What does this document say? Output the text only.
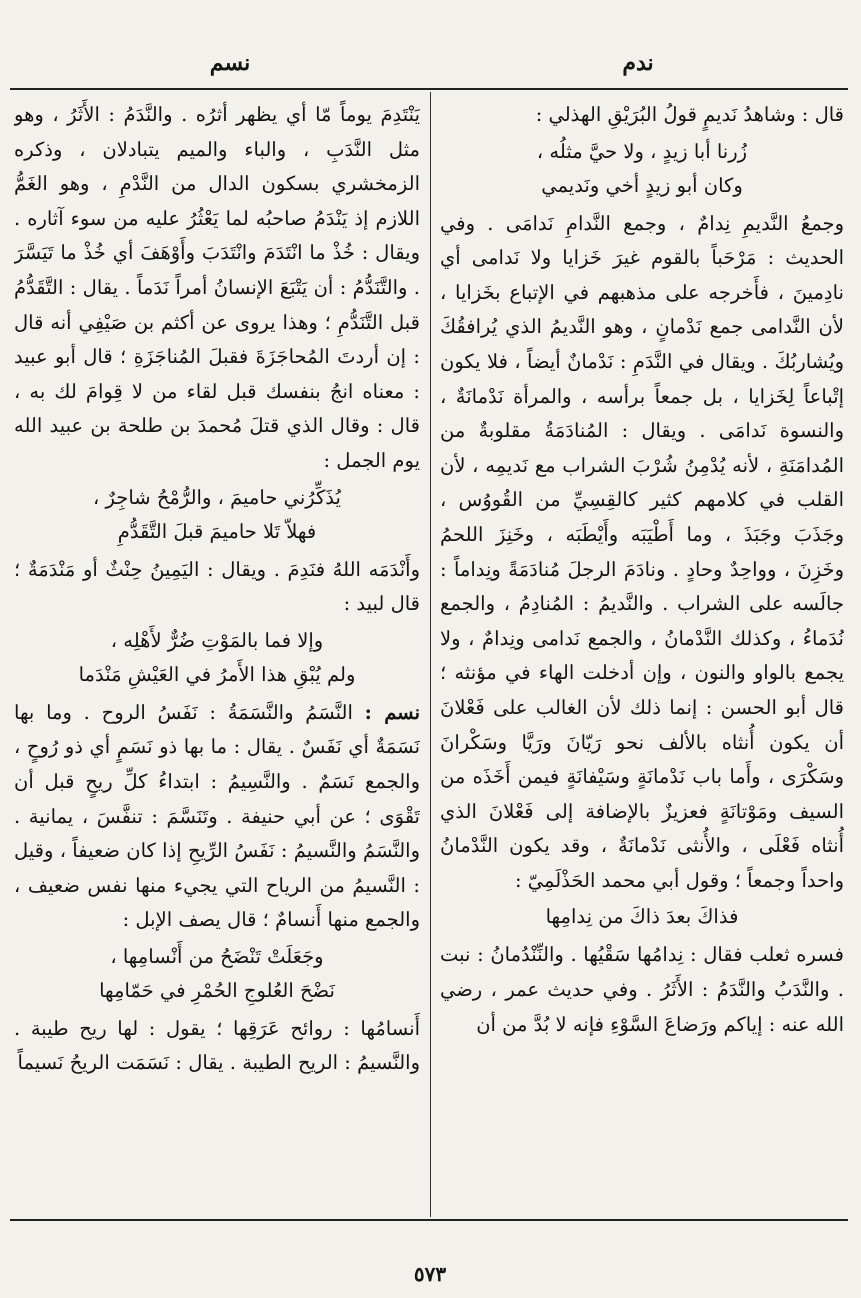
ندم
نسم

قال : وشاهدُ نَديمٍ قولُ البُرَيْقِ الهذلي :

زُرنا أبا زيدٍ ، ولا حيَّ مثلُه ،
وكان أبو زيدٍ أخي ونَديمي

وجمعُ النَّديمِ نِدامٌ ، وجمع النَّدامِ نَدامَى . وفي الحديث : مَرْحَباً بالقوم غيرَ خَزايا ولا نَدامى أي نادِمينَ ، فأَخرجه على مذهبهم في الإتباع بخَزايا ، لأن النَّدامى جمع نَدْمانٍ ، وهو النَّديمُ الذي يُرافقُكَ ويُشاربُكَ . ويقال في النَّدَمِ : نَدْمانٌ أيضاً ، فلا يكون إتْباعاً لِخَزايا ، بل جمعاً برأسه ، والمرأة نَدْمانَةٌ ، والنسوة نَدامَى . ويقال : المُنادَمَةُ مقلوبةٌ من المُدامَنَةِ ، لأنه يُدْمِنُ شُرْبَ الشراب مع نَديمِه ، لأن القلب في كلامهم كثير كالقِسِيِّ من القُووُس ، وجَذَبَ وجَبَذَ ، وما أَطْيَبَه وأَيْطَبَه ، وخَنِزَ اللحمُ وخَزِنَ ، وواحِدٌ وحادٍ . ونادَمَ الرجلَ مُنادَمَةً ونِداماً : جالَسه على الشراب . والنَّديمُ : المُنادِمُ ، والجمع نُدَماءُ ، وكذلك النَّدْمانُ ، والجمع نَدامى ونِدامٌ ، ولا يجمع بالواو والنون ، وإن أدخلت الهاء في مؤنثه ؛ قال أبو الحسن : إنما ذلك لأن الغالب على فَعْلانَ أن يكون أُنثاه بالألف نحو رَيّانَ ورَيَّا وسَكْرانَ وسَكْرَى ، وأَما باب نَدْمانَةٍ وسَيْفانَةٍ فيمن أَخَذَه من السيف ومَوْتانَةٍ فعزيزٌ بالإضافة إلى فَعْلانَ الذي أُنثاه فَعْلَى ، والأُنثى نَدْمانَةٌ ، وقد يكون النَّدْمانُ واحداً وجمعاً ؛ وقول أبي محمد الحَذْلَمِيّ :

فذاكَ بعدَ ذاكَ من نِدامِها

فسره ثعلب فقال : نِدامُها سَقْيُها . والنِّنْدُمانُ : نبت . والنَّدَبُ والنَّدَمُ : الأَثَرُ . وفي حديث عمر ، رضي الله عنه : إياكم ورَضاعَ السَّوْءِ فإنه لا بُدَّ من أن

يَنْتَدِمَ يوماً مّا أي يظهر أثرُه . والنَّدَمُ : الأَثَرُ ، وهو مثل النَّدَبِ ، والباء والميم يتبادلان ، وذكره الزمخشري بسكون الدال من النَّدْمِ ، وهو الغَمُّ اللازم إذ يَنْدَمُ صاحبُه لما يَعْثُرُ عليه من سوء آثاره . ويقال : خُذْ ما انْتَدَمَ وانْتَدَبَ وأَوْهَفَ أي خُذْ ما تَيَسَّرَ . والتَّنَدُّمُ : أن يَتْبَعَ الإنسانُ أمراً نَدَماً . يقال : التَّقَدُّمُ قبل التَّنَدُّمِ ؛ وهذا يروى عن أكثم بن صَيْفِي أنه قال : إن أردتَ المُحاجَزَةَ فقبلَ المُناجَزَةِ ؛ قال أبو عبيد : معناه انجُ بنفسك قبل لقاء من لا قِوامَ لك به ، قال : وقال الذي قتلَ مُحمدَ بن طلحة بن عبيد الله يوم الجمل :

يُذَكِّرُني حاميمَ ، والرُّمْحُ شاجِرٌ ،
فهلاّ تَلا حاميمَ قبلَ التَّقَدُّمِ

وأَنْدَمَه اللهُ فنَدِمَ . ويقال : اليَمِينُ حِنْثٌ أو مَنْدَمَةٌ ؛ قال لبيد :

وإلا فما بالمَوْتِ ضُرٌّ لأَهْلِه ،
ولم يُبْقِ هذا الأَمرُ في العَيْشِ مَنْدَما

نسم : النَّسَمُ والنَّسَمَةُ : نَفَسُ الروح . وما بها نَسَمَةٌ أي نَفَسٌ . يقال : ما بها ذو نَسَمٍ أي ذو رُوحٍ ، والجمع نَسَمٌ . والنَّسِيمُ : ابتداءُ كلِّ ريحٍ قبل أن تَقْوَى ؛ عن أبي حنيفة . وتَنَسَّمَ : تنفَّسَ ، يمانية . والنَّسَمُ والنَّسيمُ : نَفَسُ الرِّيحِ إذا كان ضعيفاً ، وقيل : النَّسيمُ من الرياح التي يجيء منها نفس ضعيف ، والجمع منها أَنسامٌ ؛ قال يصف الإبل :

وجَعَلَتْ تَنْضَحُ من أَنْسامِها ،
نَضْحَ العُلوجِ الحُمْرِ في حَمّامِها

أَنسامُها : روائح عَرَقِها ؛ يقول : لها ريح طيبة . والنَّسيمُ : الريح الطيبة . يقال : نَسَمَت الريحُ نَسيماً

٥٧٣
